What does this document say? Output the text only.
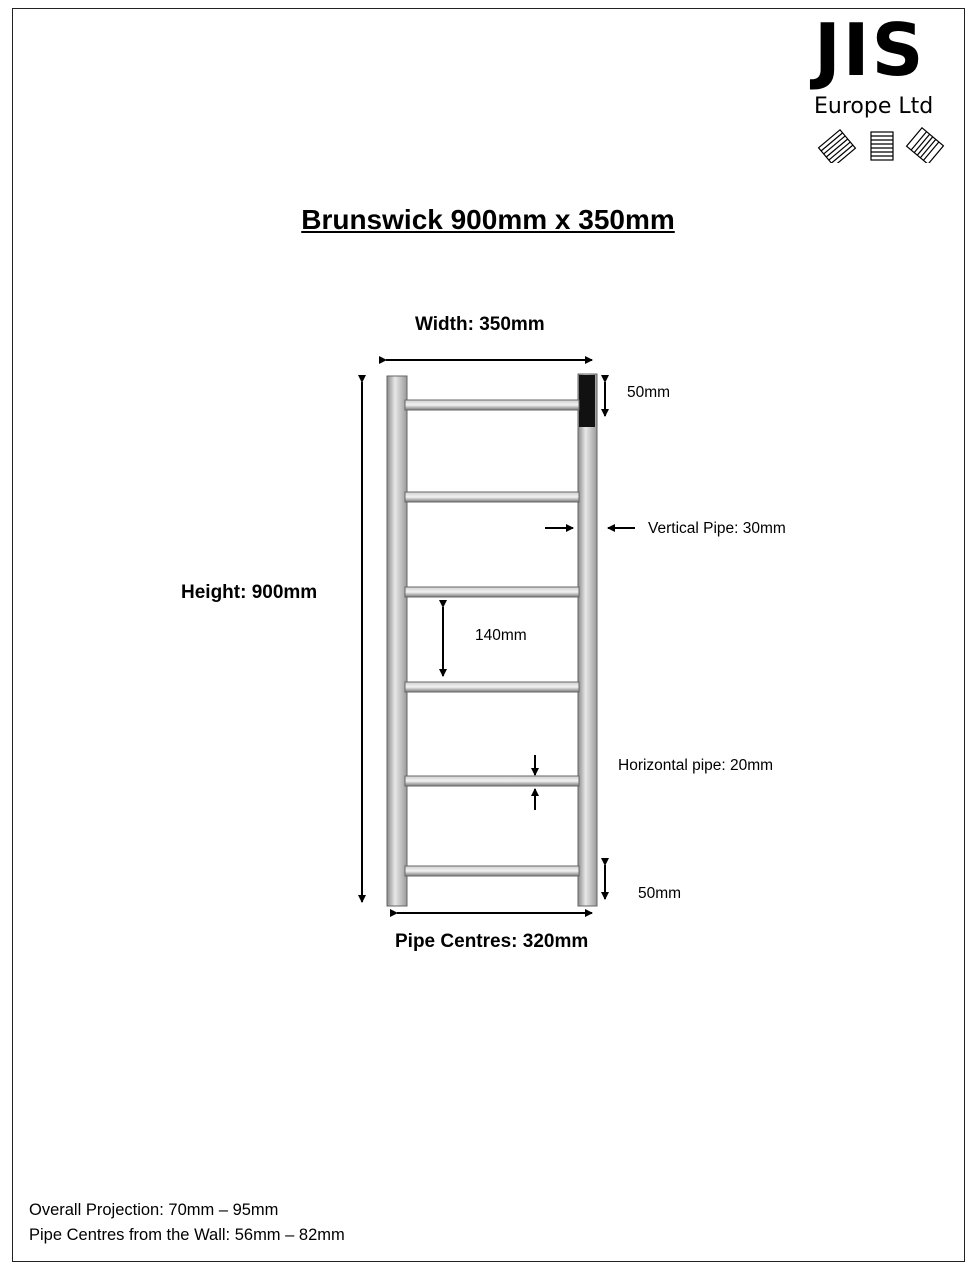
JIS
Europe Ltd
Brunswick 900mm x 350mm
Width: 350mm
Height: 900mm
Pipe Centres: 320mm
50mm
Vertical Pipe: 30mm
140mm
Horizontal pipe: 20mm
50mm
Overall Projection: 70mm – 95mm
Pipe Centres from the Wall: 56mm – 82mm
